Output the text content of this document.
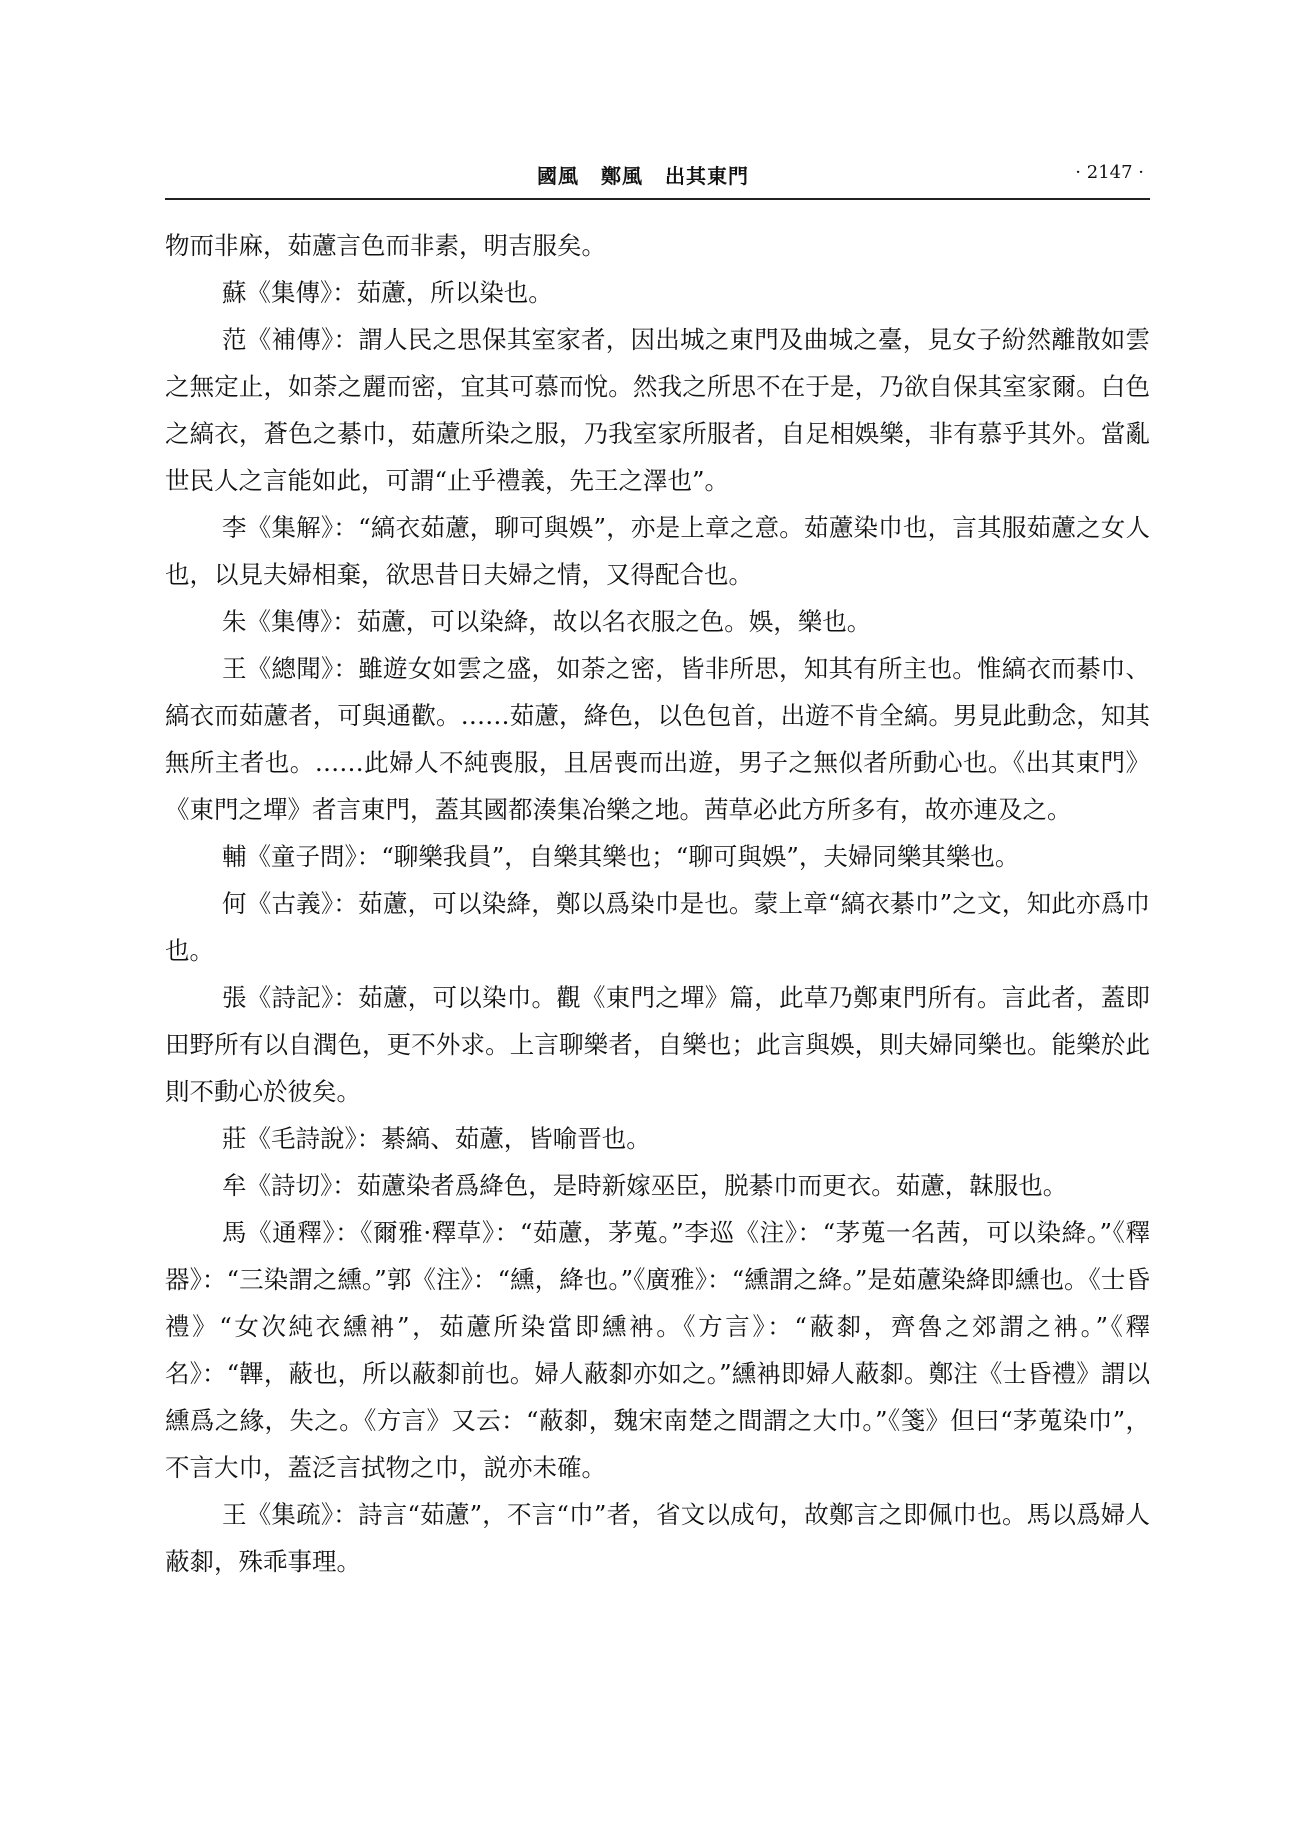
國風 鄭風 出其東門	· 2147 ·

物而非麻，茹藘言色而非素，明吉服矣。

蘇《集傳》：茹藘，所以染也。

范《補傳》：謂人民之思保其室家者，因出城之東門及曲城之臺，見女子紛然離散如雲之無定止，如荼之麗而密，宜其可慕而悅。然我之所思不在于是，乃欲自保其室家爾。白色之縞衣，蒼色之綦巾，茹藘所染之服，乃我室家所服者，自足相娛樂，非有慕乎其外。當亂世民人之言能如此，可謂“止乎禮義，先王之澤也”。

李《集解》：“縞衣茹藘，聊可與娛”，亦是上章之意。茹藘染巾也，言其服茹藘之女人也，以見夫婦相棄，欲思昔日夫婦之情，又得配合也。

朱《集傳》：茹藘，可以染絳，故以名衣服之色。娛，樂也。

王《總聞》：雖遊女如雲之盛，如荼之密，皆非所思，知其有所主也。惟縞衣而綦巾、縞衣而茹藘者，可與通歡。……茹藘，絳色，以色包首，出遊不肯全縞。男見此動念，知其無所主者也。……此婦人不純喪服，且居喪而出遊，男子之無似者所動心也。《出其東門》《東門之墠》者言東門，蓋其國都湊集冶樂之地。茜草必此方所多有，故亦連及之。

輔《童子問》：“聊樂我員”，自樂其樂也；“聊可與娛”，夫婦同樂其樂也。

何《古義》：茹藘，可以染絳，鄭以爲染巾是也。蒙上章“縞衣綦巾”之文，知此亦爲巾也。

張《詩記》：茹藘，可以染巾。觀《東門之墠》篇，此草乃鄭東門所有。言此者，蓋即田野所有以自潤色，更不外求。上言聊樂者，自樂也；此言與娛，則夫婦同樂也。能樂於此則不動心於彼矣。

莊《毛詩說》：綦縞、茹藘，皆喻晋也。

牟《詩切》：茹藘染者爲絳色，是時新嫁巫臣，脱綦巾而更衣。茹藘，韎服也。

馬《通釋》：《爾雅·釋草》：“茹藘，茅蒐。”李巡《注》：“茅蒐一名茜，可以染絳。”《釋器》：“三染謂之纁。”郭《注》：“纁，絳也。”《廣雅》：“纁謂之絳。”是茹藘染絳即纁也。《士昏禮》“女次純衣纁袡”，茹藘所染當即纁袡。《方言》：“蔽厀，齊魯之郊謂之袡。”《釋名》：“韠，蔽也，所以蔽厀前也。婦人蔽厀亦如之。”纁袡即婦人蔽厀。鄭注《士昏禮》謂以纁爲之緣，失之。《方言》又云：“蔽厀，魏宋南楚之間謂之大巾。”《箋》但曰“茅蒐染巾”，不言大巾，蓋泛言拭物之巾，説亦未確。

王《集疏》：詩言“茹藘”，不言“巾”者，省文以成句，故鄭言之即佩巾也。馬以爲婦人蔽厀，殊乖事理。
